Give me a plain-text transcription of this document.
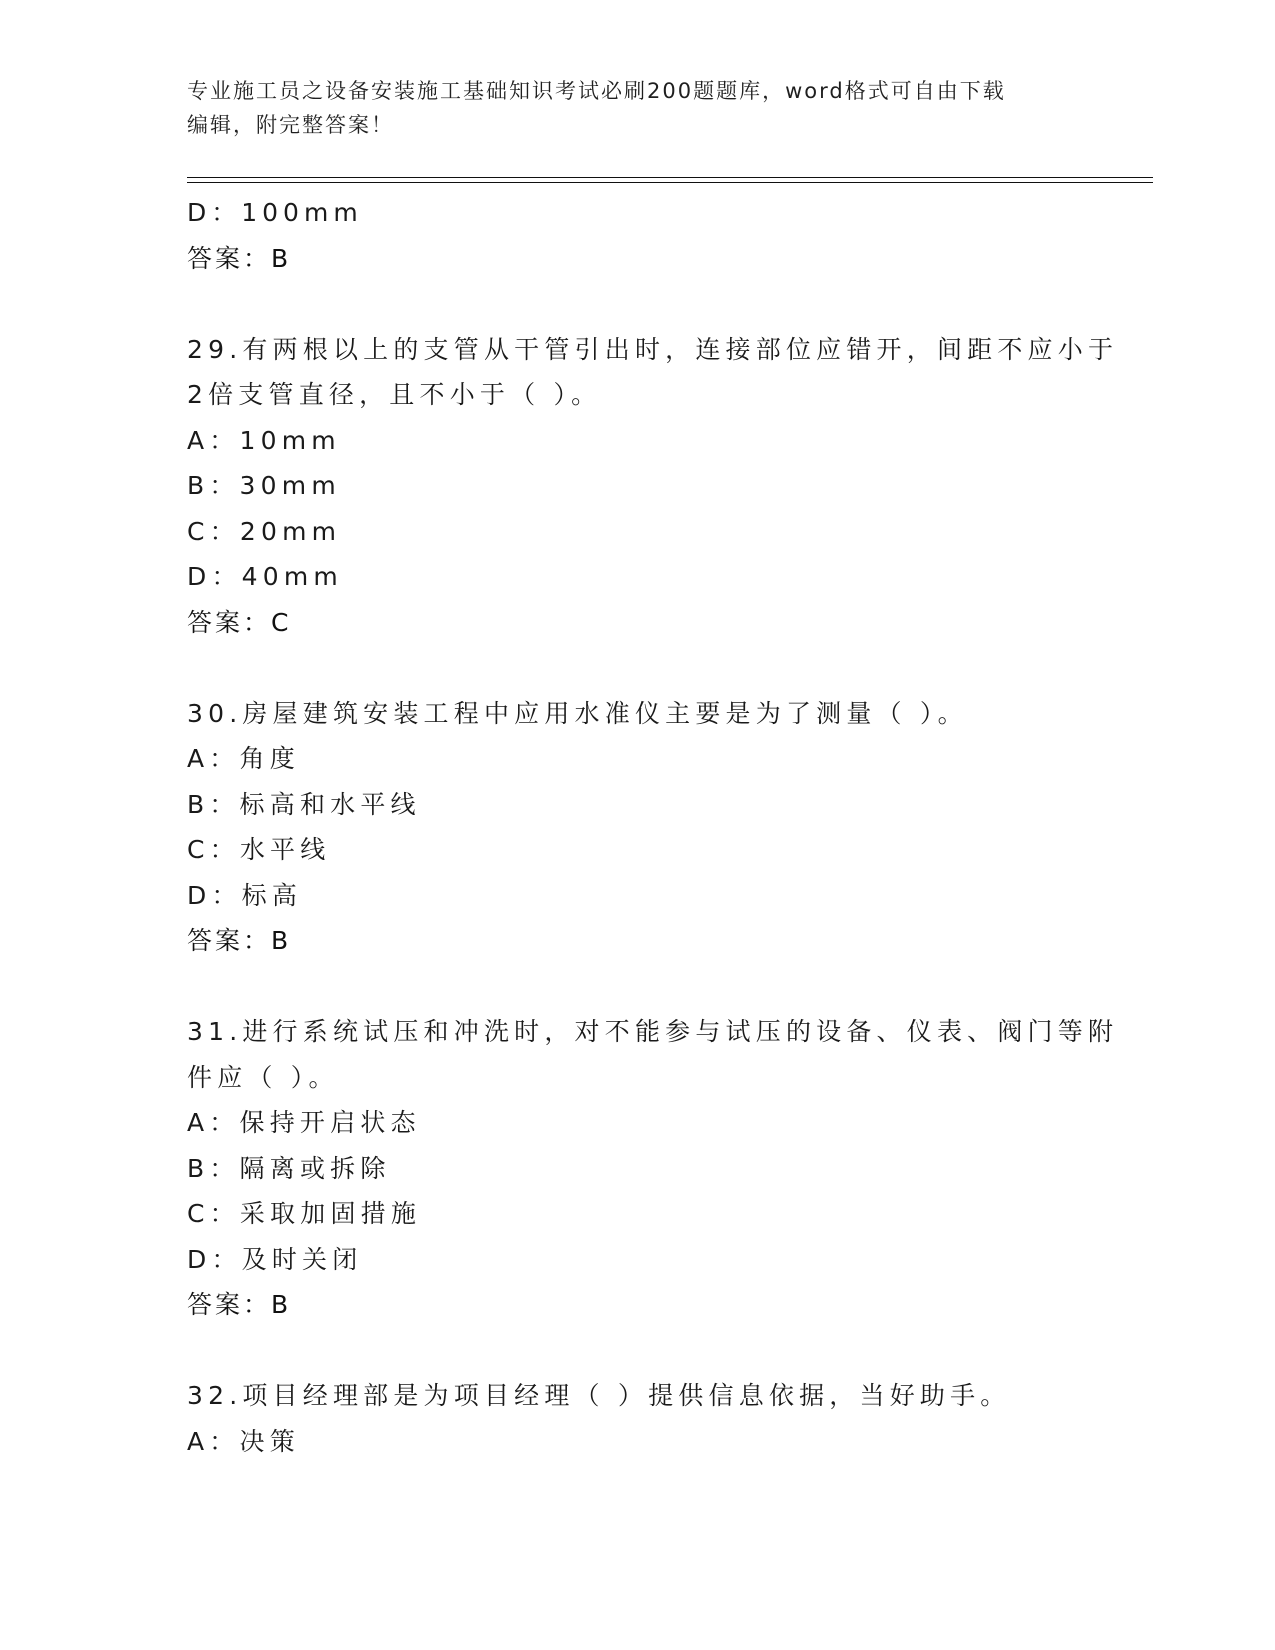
专业施工员之设备安装施工基础知识考试必刷200题题库，word格式可自由下载
编辑，附完整答案！
D：100mm
答案：B
29.有两根以上的支管从干管引出时，连接部位应错开，间距不应小于
2倍支管直径，且不小于（ ）。
A：10mm
B：30mm
C：20mm
D：40mm
答案：C
30.房屋建筑安装工程中应用水准仪主要是为了测量（ ）。
A：角度
B：标高和水平线
C：水平线
D：标高
答案：B
31.进行系统试压和冲洗时，对不能参与试压的设备、仪表、阀门等附
件应（ ）。
A：保持开启状态
B：隔离或拆除
C：采取加固措施
D：及时关闭
答案：B
32.项目经理部是为项目经理（ ）提供信息依据，当好助手。
A：决策
